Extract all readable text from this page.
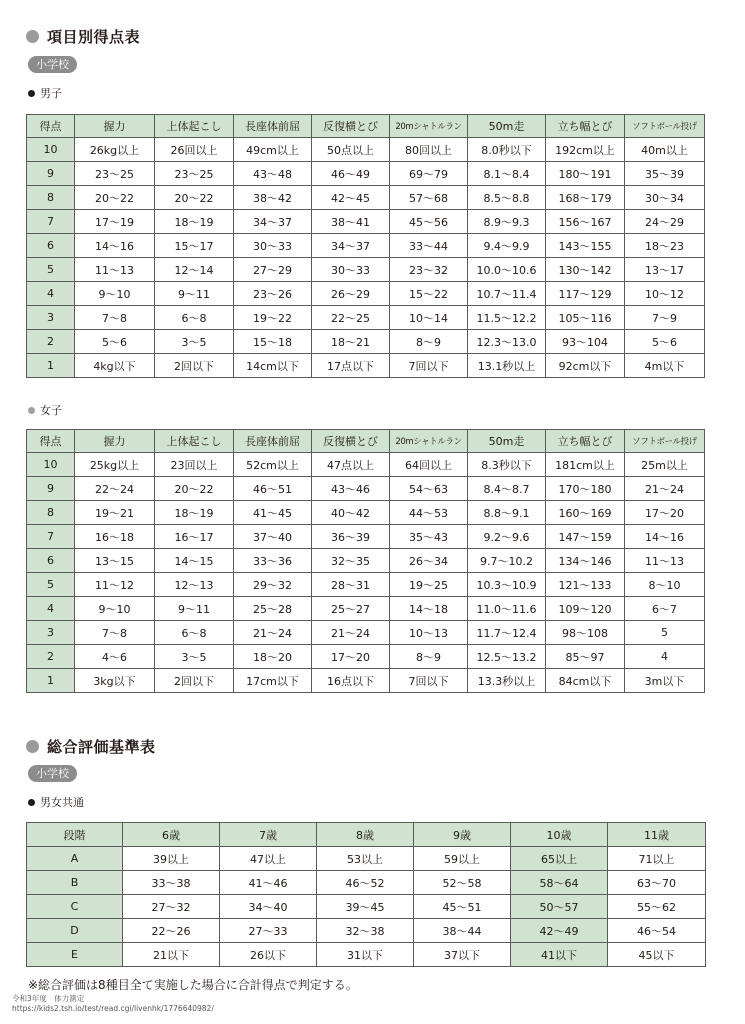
項目別得点表
小学校
男子
得点	握力	上体起こし	長座体前屈	反復横とび	20mシャトルラン	50m走	立ち幅とび	ソフトボール投げ
10	26kg以上	26回以上	49cm以上	50点以上	80回以上	8.0秒以下	192cm以上	40m以上
9	23～25	23～25	43～48	46～49	69～79	8.1～8.4	180～191	35～39
8	20～22	20～22	38～42	42～45	57～68	8.5～8.8	168～179	30～34
7	17～19	18～19	34～37	38～41	45～56	8.9～9.3	156～167	24～29
6	14～16	15～17	30～33	34～37	33～44	9.4～9.9	143～155	18～23
5	11～13	12～14	27～29	30～33	23～32	10.0～10.6	130～142	13～17
4	9～10	9～11	23～26	26～29	15～22	10.7～11.4	117～129	10～12
3	7～8	6～8	19～22	22～25	10～14	11.5～12.2	105～116	7～9
2	5～6	3～5	15～18	18～21	8～9	12.3～13.0	93～104	5～6
1	4kg以下	2回以下	14cm以下	17点以下	7回以下	13.1秒以上	92cm以下	4m以下
女子
得点	握力	上体起こし	長座体前屈	反復横とび	20mシャトルラン	50m走	立ち幅とび	ソフトボール投げ
10	25kg以上	23回以上	52cm以上	47点以上	64回以上	8.3秒以下	181cm以上	25m以上
9	22～24	20～22	46～51	43～46	54～63	8.4～8.7	170～180	21～24
8	19～21	18～19	41～45	40～42	44～53	8.8～9.1	160～169	17～20
7	16～18	16～17	37～40	36～39	35～43	9.2～9.6	147～159	14～16
6	13～15	14～15	33～36	32～35	26～34	9.7～10.2	134～146	11～13
5	11～12	12～13	29～32	28～31	19～25	10.3～10.9	121～133	8～10
4	9～10	9～11	25～28	25～27	14～18	11.0～11.6	109～120	6～7
3	7～8	6～8	21～24	21～24	10～13	11.7～12.4	98～108	5
2	4～6	3～5	18～20	17～20	8～9	12.5～13.2	85～97	4
1	3kg以下	2回以下	17cm以下	16点以下	7回以下	13.3秒以上	84cm以下	3m以下
総合評価基準表
小学校
男女共通
段階	6歳	7歳	8歳	9歳	10歳	11歳
A	39以上	47以上	53以上	59以上	65以上	71以上
B	33～38	41～46	46～52	52～58	58～64	63～70
C	27～32	34～40	39～45	45～51	50～57	55～62
D	22～26	27～33	32～38	38～44	42～49	46～54
E	21以下	26以下	31以下	37以下	41以下	45以下
※総合評価は8種目全て実施した場合に合計得点で判定する。
令和3年度　体力測定
https://kids2.tsh.io/test/read.cgi/livenhk/1776640982/
